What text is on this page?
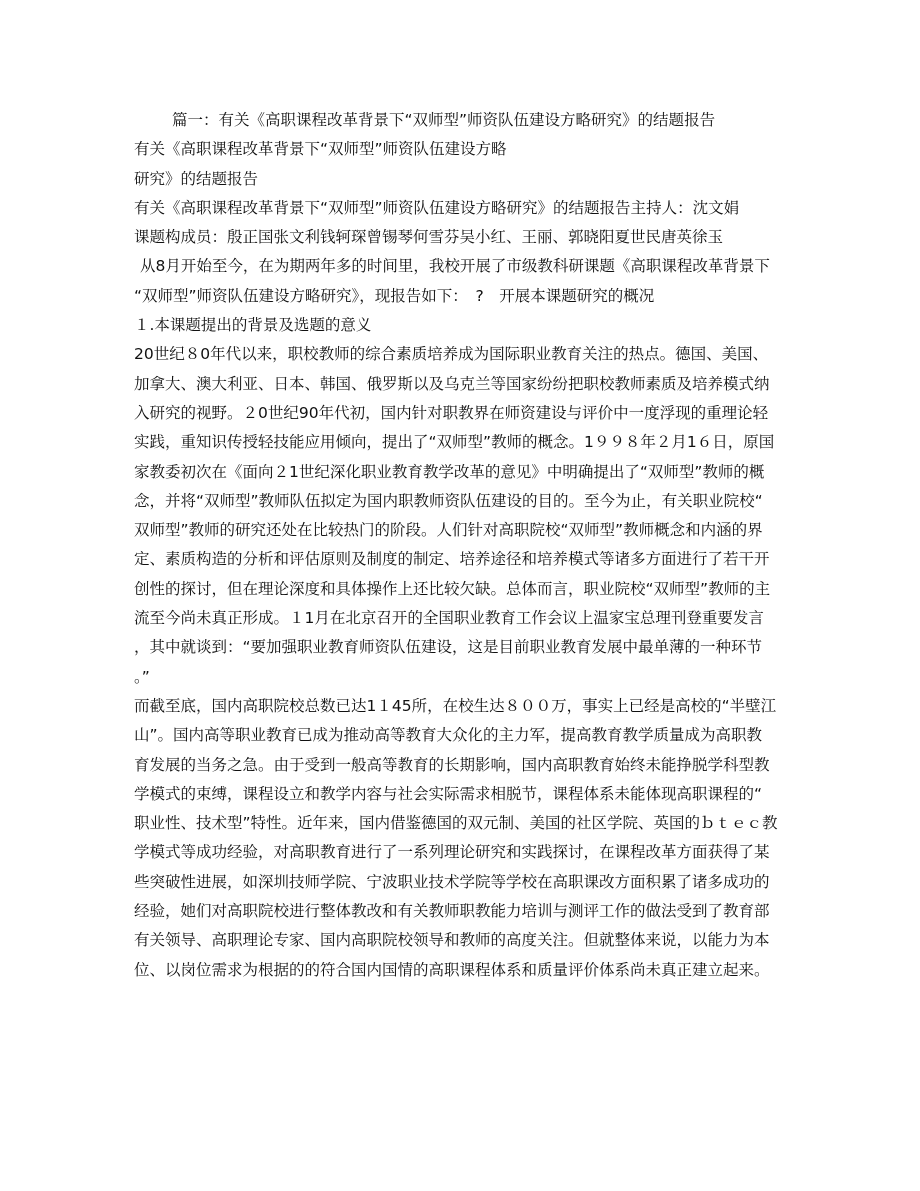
篇一：有关《高职课程改革背景下“双师型”师资队伍建设方略研究》的结题报告
有关《高职课程改革背景下“双师型”师资队伍建设方略
研究》的结题报告
有关《高职课程改革背景下“双师型”师资队伍建设方略研究》的结题报告主持人：沈文娟
课题构成员：殷正国张文利钱轲琛曾锡琴何雪芬吴小红、王丽、郭晓阳夏世民唐英徐玉
从8月开始至今，在为期两年多的时间里，我校开展了市级教科研课题《高职课程改革背景下
“双师型”师资队伍建设方略研究》，现报告如下：　?　开展本课题研究的概况
１.本课题提出的背景及选题的意义
20世纪８0年代以来，职校教师的综合素质培养成为国际职业教育关注的热点。德国、美国、
加拿大、澳大利亚、日本、韩国、俄罗斯以及乌克兰等国家纷纷把职校教师素质及培养模式纳
入研究的视野。２0世纪90年代初，国内针对职教界在师资建设与评价中一度浮现的重理论轻
实践，重知识传授轻技能应用倾向，提出了“双师型”教师的概念。1９９８年２月1６日，原国
家教委初次在《面向２1世纪深化职业教育教学改革的意见》中明确提出了“双师型”教师的概
念，并将“双师型”教师队伍拟定为国内职教师资队伍建设的目的。至今为止，有关职业院校“
双师型”教师的研究还处在比较热门的阶段。人们针对高职院校“双师型”教师概念和内涵的界
定、素质构造的分析和评估原则及制度的制定、培养途径和培养模式等诸多方面进行了若干开
创性的探讨，但在理论深度和具体操作上还比较欠缺。总体而言，职业院校“双师型”教师的主
流至今尚未真正形成。１1月在北京召开的全国职业教育工作会议上温家宝总理刊登重要发言
，其中就谈到：“要加强职业教育师资队伍建设，这是目前职业教育发展中最单薄的一种环节
。”
而截至底，国内高职院校总数已达1１45所，在校生达８００万，事实上已经是高校的“半壁江
山”。国内高等职业教育已成为推动高等教育大众化的主力军，提高教育教学质量成为高职教
育发展的当务之急。由于受到一般高等教育的长期影响，国内高职教育始终未能挣脱学科型教
学模式的束缚，课程设立和教学内容与社会实际需求相脱节，课程体系未能体现高职课程的“
职业性、技术型”特性。近年来，国内借鉴德国的双元制、美国的社区学院、英国的ｂｔｅｃ教
学模式等成功经验，对高职教育进行了一系列理论研究和实践探讨，在课程改革方面获得了某
些突破性进展，如深圳技师学院、宁波职业技术学院等学校在高职课改方面积累了诸多成功的
经验，她们对高职院校进行整体教改和有关教师职教能力培训与测评工作的做法受到了教育部
有关领导、高职理论专家、国内高职院校领导和教师的高度关注。但就整体来说，以能力为本
位、以岗位需求为根据的的符合国内国情的高职课程体系和质量评价体系尚未真正建立起来。
